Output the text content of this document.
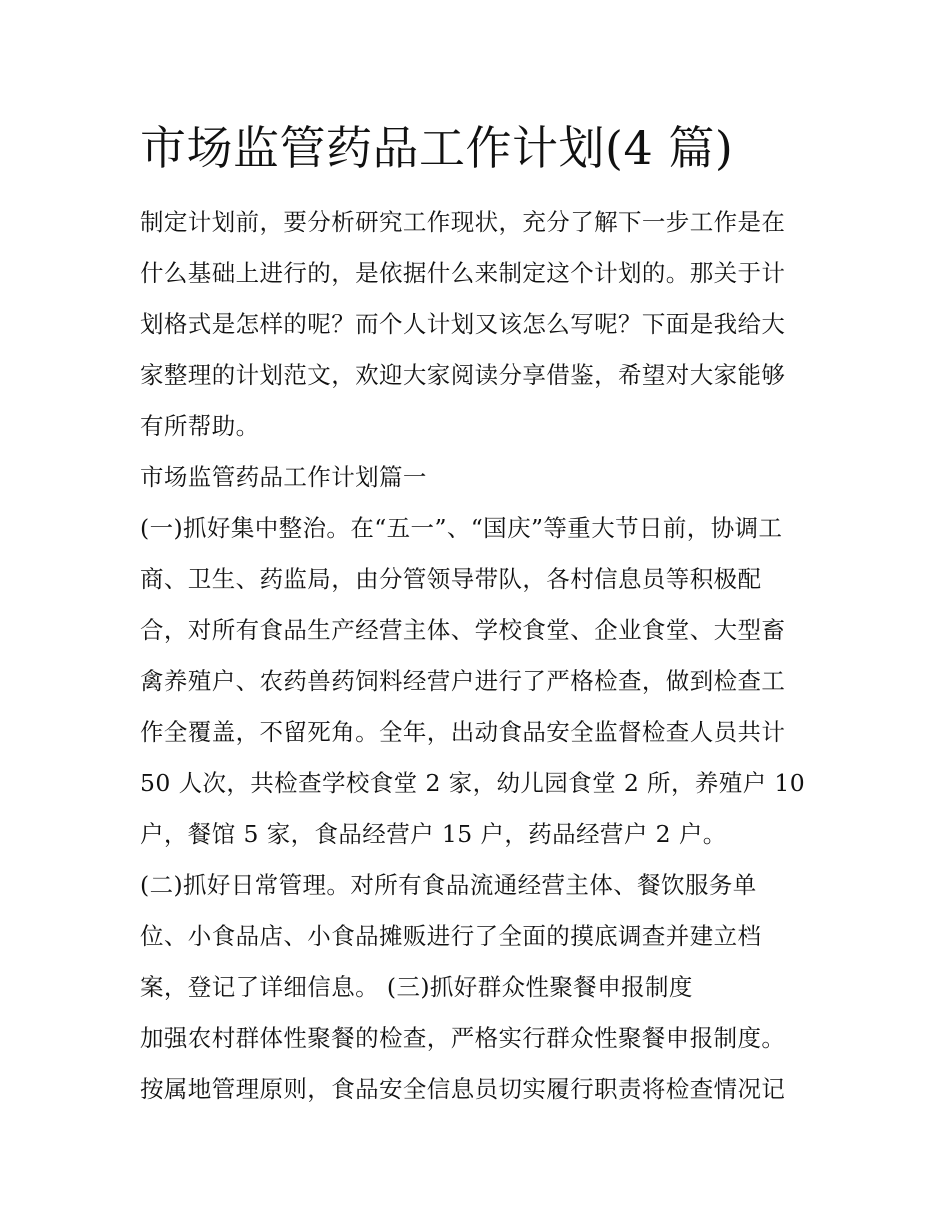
市场监管药品工作计划(4 篇)

制定计划前，要分析研究工作现状，充分了解下一步工作是在

什么基础上进行的，是依据什么来制定这个计划的。那关于计

划格式是怎样的呢？而个人计划又该怎么写呢？下面是我给大

家整理的计划范文，欢迎大家阅读分享借鉴，希望对大家能够

有所帮助。

市场监管药品工作计划篇一

(一)抓好集中整治。在“五一”、“国庆”等重大节日前，协调工

商、卫生、药监局，由分管领导带队，各村信息员等积极配

合，对所有食品生产经营主体、学校食堂、企业食堂、大型畜

禽养殖户、农药兽药饲料经营户进行了严格检查，做到检查工

作全覆盖，不留死角。全年，出动食品安全监督检查人员共计

50 人次，共检查学校食堂 2 家，幼儿园食堂 2 所，养殖户 10

户，餐馆 5 家，食品经营户 15 户，药品经营户 2 户。

(二)抓好日常管理。对所有食品流通经营主体、餐饮服务单

位、小食品店、小食品摊贩进行了全面的摸底调查并建立档

案，登记了详细信息。 (三)抓好群众性聚餐申报制度

加强农村群体性聚餐的检查，严格实行群众性聚餐申报制度。

按属地管理原则，食品安全信息员切实履行职责将检查情况记
